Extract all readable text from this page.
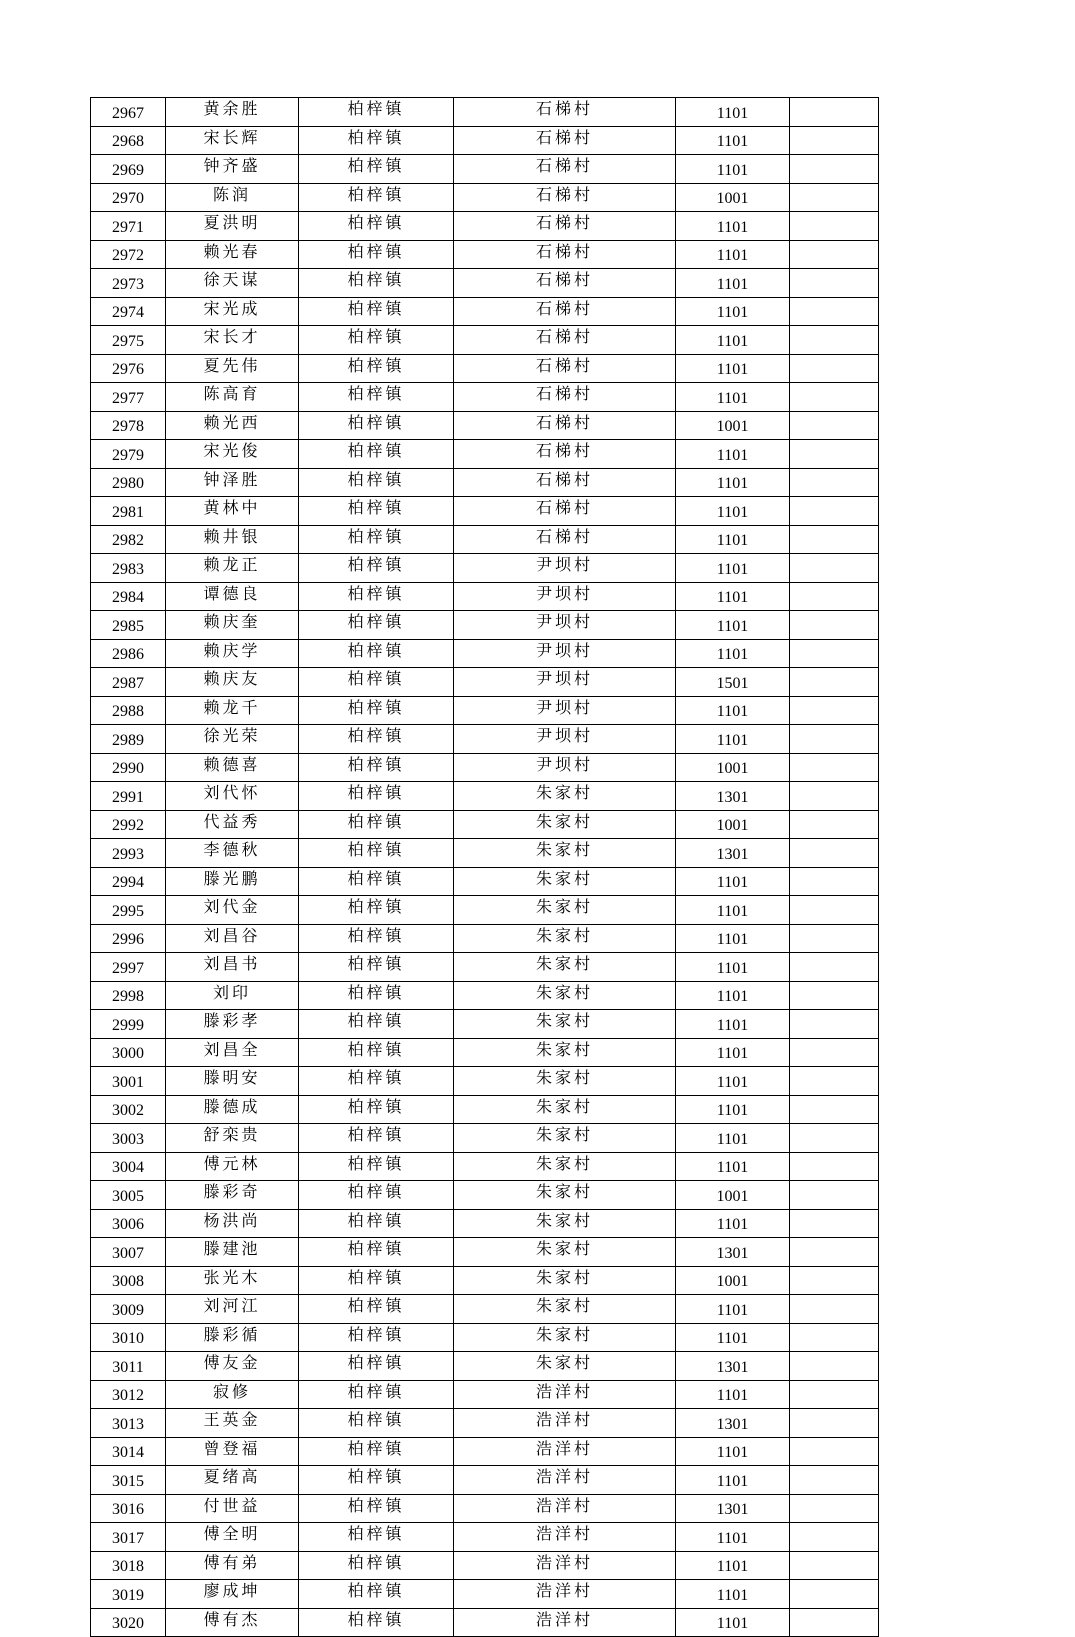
2967	黄余胜	柏梓镇	石梯村	1101	
2968	宋长辉	柏梓镇	石梯村	1101	
2969	钟齐盛	柏梓镇	石梯村	1101	
2970	陈润	柏梓镇	石梯村	1001	
2971	夏洪明	柏梓镇	石梯村	1101	
2972	赖光春	柏梓镇	石梯村	1101	
2973	徐天谋	柏梓镇	石梯村	1101	
2974	宋光成	柏梓镇	石梯村	1101	
2975	宋长才	柏梓镇	石梯村	1101	
2976	夏先伟	柏梓镇	石梯村	1101	
2977	陈高育	柏梓镇	石梯村	1101	
2978	赖光西	柏梓镇	石梯村	1001	
2979	宋光俊	柏梓镇	石梯村	1101	
2980	钟泽胜	柏梓镇	石梯村	1101	
2981	黄林中	柏梓镇	石梯村	1101	
2982	赖井银	柏梓镇	石梯村	1101	
2983	赖龙正	柏梓镇	尹坝村	1101	
2984	谭德良	柏梓镇	尹坝村	1101	
2985	赖庆奎	柏梓镇	尹坝村	1101	
2986	赖庆学	柏梓镇	尹坝村	1101	
2987	赖庆友	柏梓镇	尹坝村	1501	
2988	赖龙千	柏梓镇	尹坝村	1101	
2989	徐光荣	柏梓镇	尹坝村	1101	
2990	赖德喜	柏梓镇	尹坝村	1001	
2991	刘代怀	柏梓镇	朱家村	1301	
2992	代益秀	柏梓镇	朱家村	1001	
2993	李德秋	柏梓镇	朱家村	1301	
2994	滕光鹏	柏梓镇	朱家村	1101	
2995	刘代金	柏梓镇	朱家村	1101	
2996	刘昌谷	柏梓镇	朱家村	1101	
2997	刘昌书	柏梓镇	朱家村	1101	
2998	刘印	柏梓镇	朱家村	1101	
2999	滕彩孝	柏梓镇	朱家村	1101	
3000	刘昌全	柏梓镇	朱家村	1101	
3001	滕明安	柏梓镇	朱家村	1101	
3002	滕德成	柏梓镇	朱家村	1101	
3003	舒栾贵	柏梓镇	朱家村	1101	
3004	傅元林	柏梓镇	朱家村	1101	
3005	滕彩奇	柏梓镇	朱家村	1001	
3006	杨洪尚	柏梓镇	朱家村	1101	
3007	滕建池	柏梓镇	朱家村	1301	
3008	张光木	柏梓镇	朱家村	1001	
3009	刘河江	柏梓镇	朱家村	1101	
3010	滕彩循	柏梓镇	朱家村	1101	
3011	傅友金	柏梓镇	朱家村	1301	
3012	寂修	柏梓镇	浩洋村	1101	
3013	王英金	柏梓镇	浩洋村	1301	
3014	曾登福	柏梓镇	浩洋村	1101	
3015	夏绪高	柏梓镇	浩洋村	1101	
3016	付世益	柏梓镇	浩洋村	1301	
3017	傅全明	柏梓镇	浩洋村	1101	
3018	傅有弟	柏梓镇	浩洋村	1101	
3019	廖成坤	柏梓镇	浩洋村	1101	
3020	傅有杰	柏梓镇	浩洋村	1101	
